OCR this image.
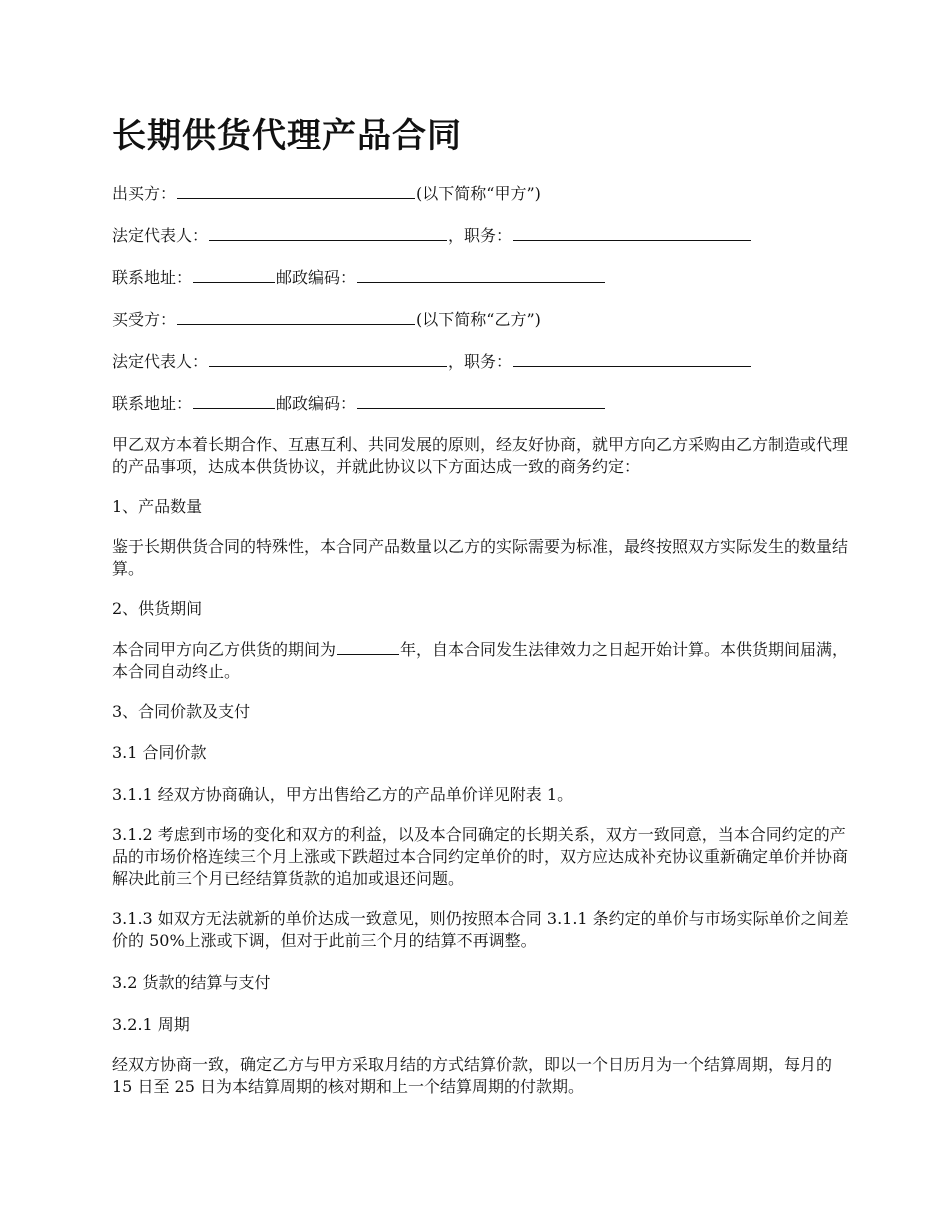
长期供货代理产品合同

出买方：	(以下简称“甲方”)

法定代表人：	，职务：

联系地址：	邮政编码：

买受方：	(以下简称“乙方”)

法定代表人：	，职务：

联系地址：	邮政编码：

甲乙双方本着长期合作、互惠互利、共同发展的原则，经友好协商，就甲方向乙方采购由乙方制造或代理的产品事项，达成本供货协议，并就此协议以下方面达成一致的商务约定：

1、产品数量

鉴于长期供货合同的特殊性，本合同产品数量以乙方的实际需要为标准，最终按照双方实际发生的数量结算。

2、供货期间

本合同甲方向乙方供货的期间为	年，自本合同发生法律效力之日起开始计算。本供货期间届满，本合同自动终止。

3、合同价款及支付

3.1 合同价款

3.1.1 经双方协商确认，甲方出售给乙方的产品单价详见附表 1。

3.1.2 考虑到市场的变化和双方的利益，以及本合同确定的长期关系，双方一致同意，当本合同约定的产品的市场价格连续三个月上涨或下跌超过本合同约定单价的时，双方应达成补充协议重新确定单价并协商解决此前三个月已经结算货款的追加或退还问题。

3.1.3 如双方无法就新的单价达成一致意见，则仍按照本合同 3.1.1 条约定的单价与市场实际单价之间差价的 50%上涨或下调，但对于此前三个月的结算不再调整。

3.2 货款的结算与支付

3.2.1 周期

经双方协商一致，确定乙方与甲方采取月结的方式结算价款，即以一个日历月为一个结算周期，每月的 15 日至 25 日为本结算周期的核对期和上一个结算周期的付款期。
